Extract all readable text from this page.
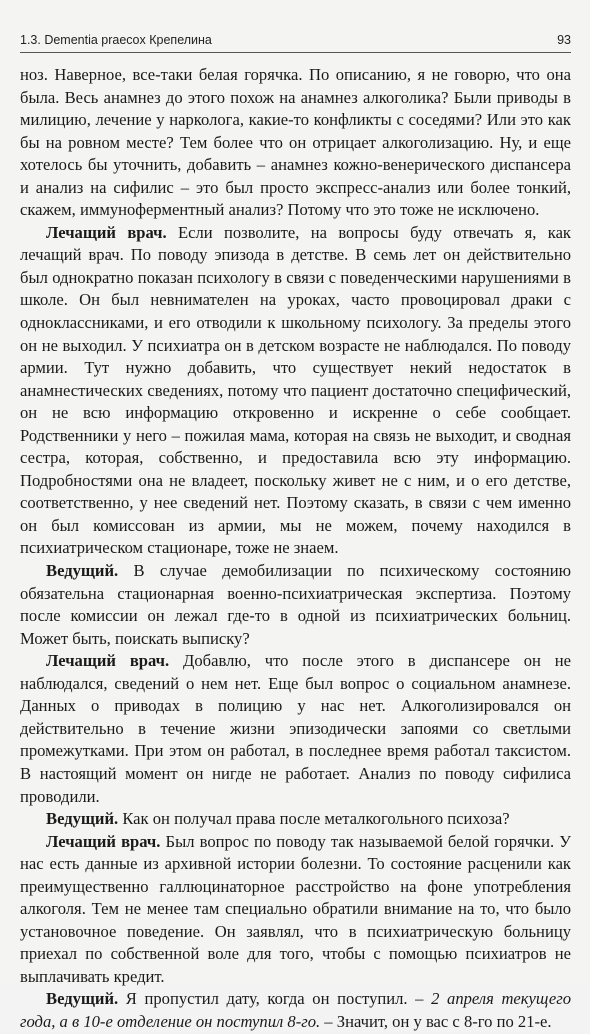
1.3. Dementia praecox Крепелина	93

ноз. Наверное, все-таки белая горячка. По описанию, я не говорю, что она была. Весь анамнез до этого похож на анамнез алкоголика? Были приводы в милицию, лечение у нарколога, какие-то конфликты с соседями? Или это как бы на ровном месте? Тем более что он отрицает алкоголизацию. Ну, и еще хотелось бы уточнить, добавить – анамнез кожно-венерического диспансера и анализ на сифилис – это был просто экспресс-анализ или более тонкий, скажем, иммуноферментный анализ? Потому что это тоже не исключено.

Лечащий врач. Если позволите, на вопросы буду отвечать я, как лечащий врач. По поводу эпизода в детстве. В семь лет он действительно был однократно показан психологу в связи с поведенческими нарушениями в школе. Он был невнимателен на уроках, часто провоцировал драки с одноклассниками, и его отводили к школьному психологу. За пределы этого он не выходил. У психиатра он в детском возрасте не наблюдался. По поводу армии. Тут нужно добавить, что существует некий недостаток в анамнестических сведениях, потому что пациент достаточно специфический, он не всю информацию откровенно и искренне о себе сообщает. Родственники у него – пожилая мама, которая на связь не выходит, и сводная сестра, которая, собственно, и предоставила всю эту информацию. Подробностями она не владеет, поскольку живет не с ним, и о его детстве, соответственно, у нее сведений нет. Поэтому сказать, в связи с чем именно он был комиссован из армии, мы не можем, почему находился в психиатрическом стационаре, тоже не знаем.

Ведущий. В случае демобилизации по психическому состоянию обязательна стационарная военно-психиатрическая экспертиза. Поэтому после комиссии он лежал где-то в одной из психиатрических больниц. Может быть, поискать выписку?

Лечащий врач. Добавлю, что после этого в диспансере он не наблюдался, сведений о нем нет. Еще был вопрос о социальном анамнезе. Данных о приводах в полицию у нас нет. Алкоголизировался он действительно в течение жизни эпизодически запоями со светлыми промежутками. При этом он работал, в последнее время работал таксистом. В настоящий момент он нигде не работает. Анализ по поводу сифилиса проводили.

Ведущий. Как он получал права после металкогольного психоза?

Лечащий врач. Был вопрос по поводу так называемой белой горячки. У нас есть данные из архивной истории болезни. То состояние расценили как преимущественно галлюцинаторное расстройство на фоне употребления алкоголя. Тем не менее там специально обратили внимание на то, что было установочное поведение. Он заявлял, что в психиатрическую больницу приехал по собственной воле для того, чтобы с помощью психиатров не выплачивать кредит.

Ведущий. Я пропустил дату, когда он поступил. – 2 апреля текущего года, а в 10-е отделение он поступил 8-го. – Значит, он у вас с 8-го по 21-е.
